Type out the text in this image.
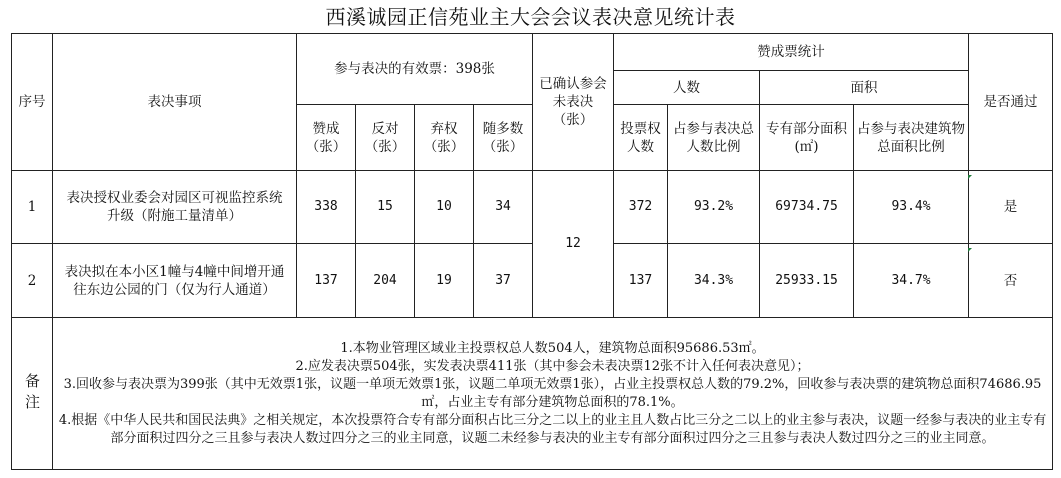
西溪诚园正信苑业主大会会议表决意见统计表
序号	表决事项	参与表决的有效票：398张				已确认参会未表决（张）	赞成票统计				是否通过
							人数		面积		
		赞成（张）	反对（张）	弃权（张）	随多数（张）		投票权人数	占参与表决总人数比例	专有部分面积(㎡)	占参与表决建筑物总面积比例	
1	表决授权业委会对园区可视监控系统升级（附施工量清单）	338	15	10	34	12	372	93.2%	69734.75	93.4%	是
2	表决拟在本小区1幢与4幢中间增开通往东边公园的门（仅为行人通道）	137	204	19	37		137	34.3%	25933.15	34.7%	否
备注	1.本物业管理区域业主投票权总人数504人，建筑物总面积95686.53㎡。
2.应发表决票504张，实发表决票411张（其中参会未表决票12张不计入任何表决意见）；
3.回收参与表决票为399张（其中无效票1张，议题一单项无效票1张，议题二单项无效票1张），占业主投票权总人数的79.2%，回收参与表决票的建筑物总面积74686.95㎡，占业主专有部分建筑物总面积的78.1%。
4.根据《中华人民共和国民法典》之相关规定，本次投票符合专有部分面积占比三分之二以上的业主且人数占比三分之二以上的业主参与表决，议题一经参与表决的业主专有部分面积过四分之三且参与表决人数过四分之三的业主同意，议题二未经参与表决的业主专有部分面积过四分之三且参与表决人数过四分之三的业主同意。										
